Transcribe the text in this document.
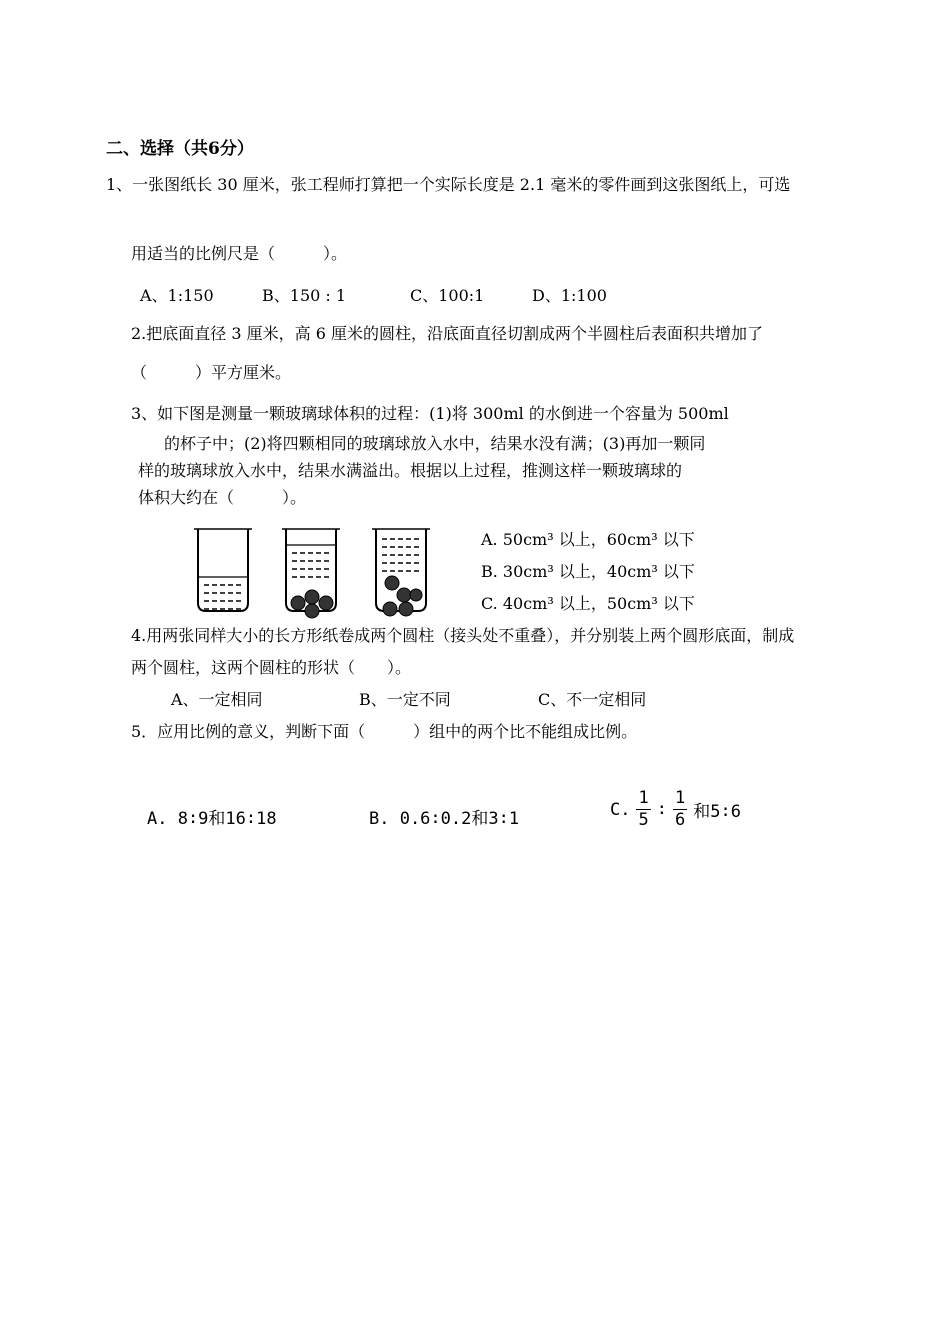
二、选择（共6分）
1、一张图纸长 30 厘米，张工程师打算把一个实际长度是 2.1 毫米的零件画到这张图纸上，可选
用适当的比例尺是（　　　）。
A、1:150	B、150 : 1	C、100:1	D、1:100
2.把底面直径 3 厘米，高 6 厘米的圆柱，沿底面直径切割成两个半圆柱后表面积共增加了
（　　　）平方厘米。
3、如下图是测量一颗玻璃球体积的过程：(1)将 300ml 的水倒进一个容量为 500ml
的杯子中；(2)将四颗相同的玻璃球放入水中，结果水没有满；(3)再加一颗同
样的玻璃球放入水中，结果水满溢出。根据以上过程，推测这样一颗玻璃球的
体积大约在（　　　）。
A. 50cm³ 以上，60cm³ 以下
B. 30cm³ 以上，40cm³ 以下
C. 40cm³ 以上，50cm³ 以下
4.用两张同样大小的长方形纸卷成两个圆柱（接头处不重叠），并分别装上两个圆形底面，制成
两个圆柱，这两个圆柱的形状（　　）。
A、一定相同	B、一定不同	C、不一定相同
5．应用比例的意义，判断下面（　　　）组中的两个比不能组成比例。
A. 8∶9和16∶18	B. 0.6∶0.2和3∶1	C. $\frac{1}{5}$ ∶ $\frac{1}{6}$ 和5∶6
